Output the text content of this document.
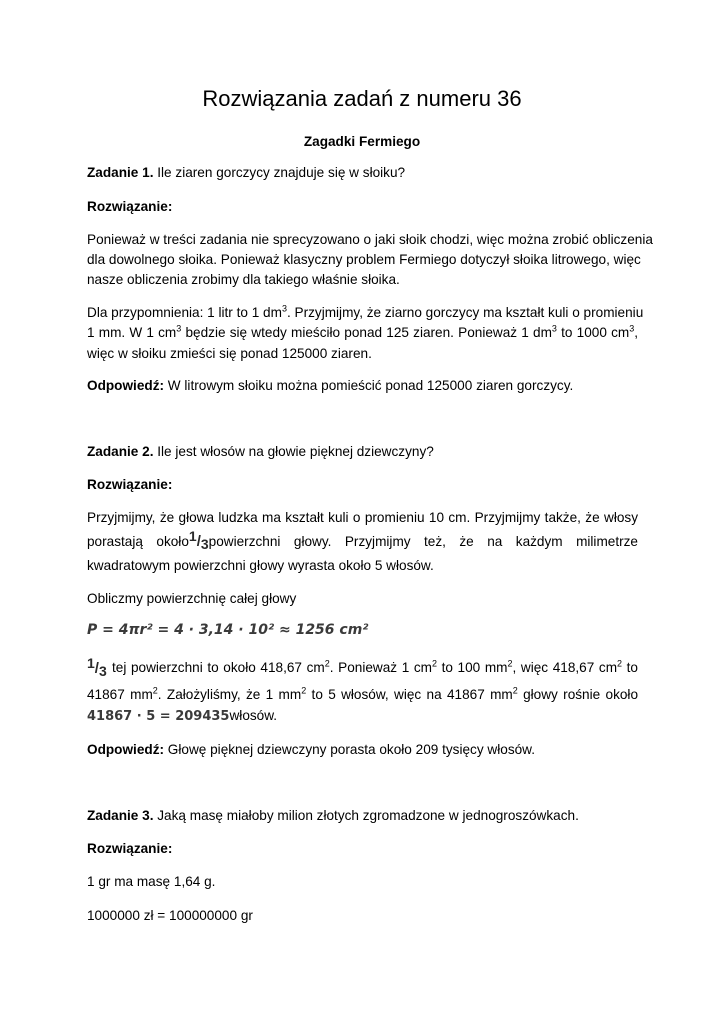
Rozwiązania zadań z numeru 36
Zagadki Fermiego
Zadanie 1. Ile ziaren gorczycy znajduje się w słoiku?
Rozwiązanie:
Ponieważ w treści zadania nie sprecyzowano o jaki słoik chodzi, więc można zrobić obliczenia
dla dowolnego słoika. Ponieważ klasyczny problem Fermiego dotyczył słoika litrowego, więc
nasze obliczenia zrobimy dla takiego właśnie słoika.
Dla przypomnienia: 1 litr to 1 $dm^3$. Przyjmijmy, że ziarno gorczycy ma kształt kuli o promieniu
1 mm. W 1 $cm^3$ będzie się wtedy mieściło ponad 125 ziaren. Ponieważ 1 $dm^3$ to 1000 $cm^3$,
więc w słoiku zmieści się ponad 125000 ziaren.
Odpowiedź: W litrowym słoiku można pomieścić ponad 125000 ziaren gorczycy.
Zadanie 2. Ile jest włosów na głowie pięknej dziewczyny?
Rozwiązanie:
Przyjmijmy, że głowa ludzka ma kształt kuli o promieniu 10 cm. Przyjmijmy także, że włosy
porastają około1/3powierzchni głowy. Przyjmijmy też, że na każdym milimetrze
kwadratowym powierzchni głowy wyrasta około 5 włosów.
Obliczmy powierzchnię całej głowy
P = 4πr² = 4 · 3,14 · 10² ≈ 1256 cm²
1/3 tej powierzchni to około 418,67 $cm^2$. Ponieważ 1 $cm^2$ to 100 $mm^2$, więc 418,67 $cm^2$ to
41867 $mm^2$. Założyliśmy, że 1 $mm^2$ to 5 włosów, więc na 41867 $mm^2$ głowy rośnie około
41867 · 5 = 209435włosów.
Odpowiedź: Głowę pięknej dziewczyny porasta około 209 tysięcy włosów.
Zadanie 3. Jaką masę miałoby milion złotych zgromadzone w jednogroszówkach.
Rozwiązanie:
1 gr ma masę 1,64 g.
1000000 zł = 100000000 gr
